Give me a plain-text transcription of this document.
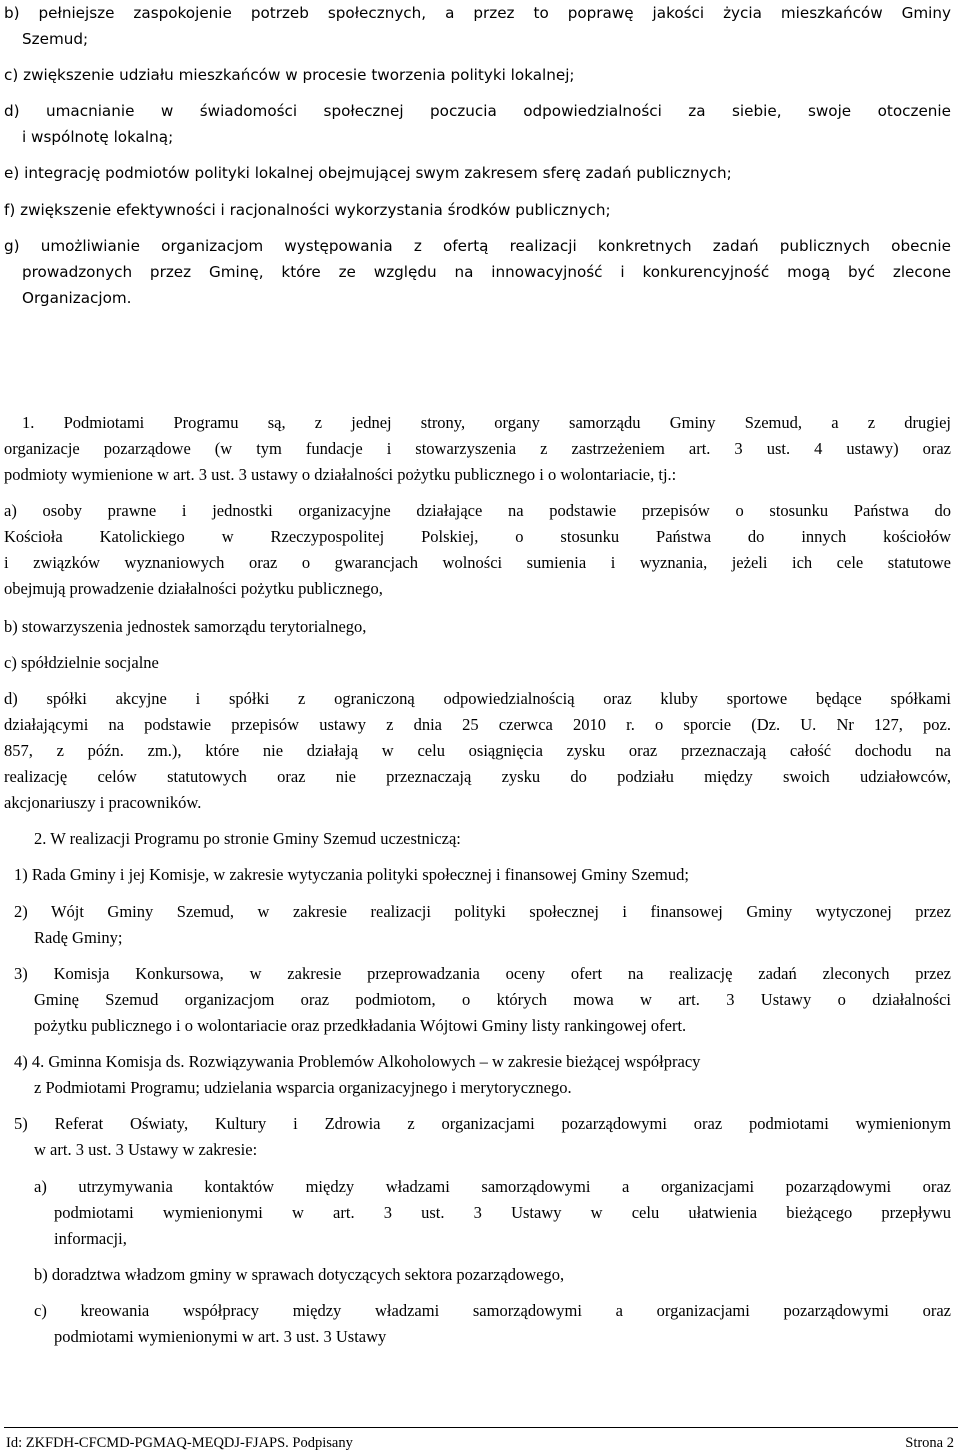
b) pełniejsze zaspokojenie potrzeb społecznych, a przez to poprawę jakości życia mieszkańców Gminy
Szemud;
c) zwiększenie udziału mieszkańców w procesie tworzenia polityki lokalnej;
d) umacnianie w świadomości społecznej poczucia odpowiedzialności za siebie, swoje otoczenie
i wspólnotę lokalną;
e) integrację podmiotów polityki lokalnej obejmującej swym zakresem sferę zadań publicznych;
f) zwiększenie efektywności i racjonalności wykorzystania środków publicznych;
g) umożliwianie organizacjom występowania z ofertą realizacji konkretnych zadań publicznych obecnie
prowadzonych przez Gminę, które ze względu na innowacyjność i konkurencyjność mogą być zlecone
Organizacjom.
1. Podmiotami Programu są, z jednej strony, organy samorządu Gminy Szemud, a z drugiej
organizacje pozarządowe (w tym fundacje i stowarzyszenia z zastrzeżeniem art. 3 ust. 4 ustawy) oraz
podmioty wymienione w art. 3 ust. 3 ustawy o działalności pożytku publicznego i o wolontariacie, tj.:
a) osoby prawne i jednostki organizacyjne działające na podstawie przepisów o stosunku Państwa do
Kościoła Katolickiego w Rzeczypospolitej Polskiej, o stosunku Państwa do innych kościołów
i związków wyznaniowych oraz o gwarancjach wolności sumienia i wyznania, jeżeli ich cele statutowe
obejmują prowadzenie działalności pożytku publicznego,
b) stowarzyszenia jednostek samorządu terytorialnego,
c) spółdzielnie socjalne
d) spółki akcyjne i spółki z ograniczoną odpowiedzialnością oraz kluby sportowe będące spółkami
działającymi na podstawie przepisów ustawy z dnia 25 czerwca 2010 r. o sporcie (Dz. U. Nr 127, poz.
857, z późn. zm.), które nie działają w celu osiągnięcia zysku oraz przeznaczają całość dochodu na
realizację celów statutowych oraz nie przeznaczają zysku do podziału między swoich udziałowców,
akcjonariuszy i pracowników.
2. W realizacji Programu po stronie Gminy Szemud uczestniczą:
1) Rada Gminy i jej Komisje, w zakresie wytyczania polityki społecznej i finansowej Gminy Szemud;
2) Wójt Gminy Szemud, w zakresie realizacji polityki społecznej i finansowej Gminy wytyczonej przez
Radę Gminy;
3) Komisja Konkursowa, w zakresie przeprowadzania oceny ofert na realizację zadań zleconych przez
Gminę Szemud organizacjom oraz podmiotom, o których mowa w art. 3 Ustawy o działalności
pożytku publicznego i o wolontariacie oraz przedkładania Wójtowi Gminy listy rankingowej ofert.
4) 4. Gminna Komisja ds. Rozwiązywania Problemów Alkoholowych – w zakresie bieżącej współpracy
z Podmiotami Programu; udzielania wsparcia organizacyjnego i merytorycznego.
5) Referat Oświaty, Kultury i Zdrowia z organizacjami pozarządowymi oraz podmiotami wymienionym
w art. 3 ust. 3 Ustawy w zakresie:
a) utrzymywania kontaktów między władzami samorządowymi a organizacjami pozarządowymi oraz
podmiotami wymienionymi w art. 3 ust. 3 Ustawy w celu ułatwienia bieżącego przepływu
informacji,
b) doradztwa władzom gminy w sprawach dotyczących sektora pozarządowego,
c) kreowania współpracy między władzami samorządowymi a organizacjami pozarządowymi oraz
podmiotami wymienionymi w art. 3 ust. 3 Ustawy
Id: ZKFDH-CFCMD-PGMAQ-MEQDJ-FJAPS. Podpisany	Strona 2
